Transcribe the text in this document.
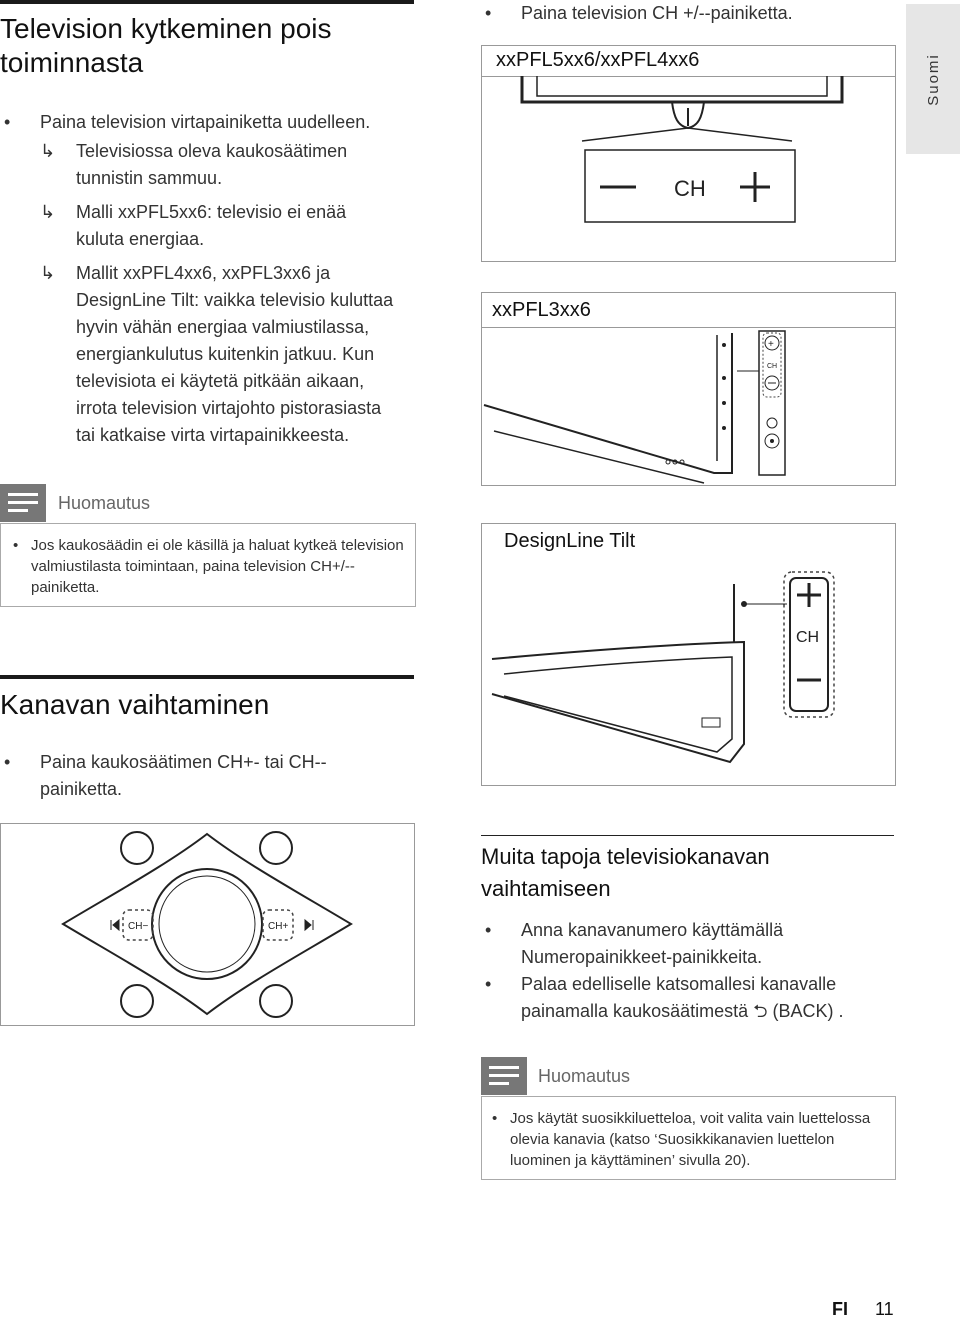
Suomi
Television kytkeminen pois
toiminnasta
• Paina television virtapainiketta uudelleen.
↳ Televisiossa oleva kaukosäätimen
tunnistin sammuu.
↳ Malli xxPFL5xx6: televisio ei enää
kuluta energiaa.
↳ Mallit xxPFL4xx6, xxPFL3xx6 ja
DesignLine Tilt: vaikka televisio kuluttaa
hyvin vähän energiaa valmiustilassa,
energiankulutus kuitenkin jatkuu. Kun
televisiota ei käytetä pitkään aikaan,
irrota television virtajohto pistorasiasta
tai katkaise virta virtapainikkeesta.
Huomautus
• Jos kaukosäädin ei ole käsillä ja haluat kytkeä television
valmiustilasta toimintaan, paina television CH+/--
painiketta.
Kanavan vaihtaminen
• Paina kaukosäätimen CH+- tai CH--
painiketta.
CH−	CH+
• Paina television CH +/--painiketta.
xxPFL5xx6/xxPFL4xx6
CH
xxPFL3xx6
+
CH
DesignLine Tilt
CH
Muita tapoja televisiokanavan
vaihtamiseen
• Anna kanavanumero käyttämällä
Numeropainikkeet-painikkeita.
• Palaa edelliselle katsomallesi kanavalle
painamalla kaukosäätimestä ⮌ (BACK) .
Huomautus
• Jos käytät suosikkiluetteloa, voit valita vain luettelossa
olevia kanavia (katso ‘Suosikkikanavien luettelon
luominen ja käyttäminen’ sivulla 20).
FI 11
